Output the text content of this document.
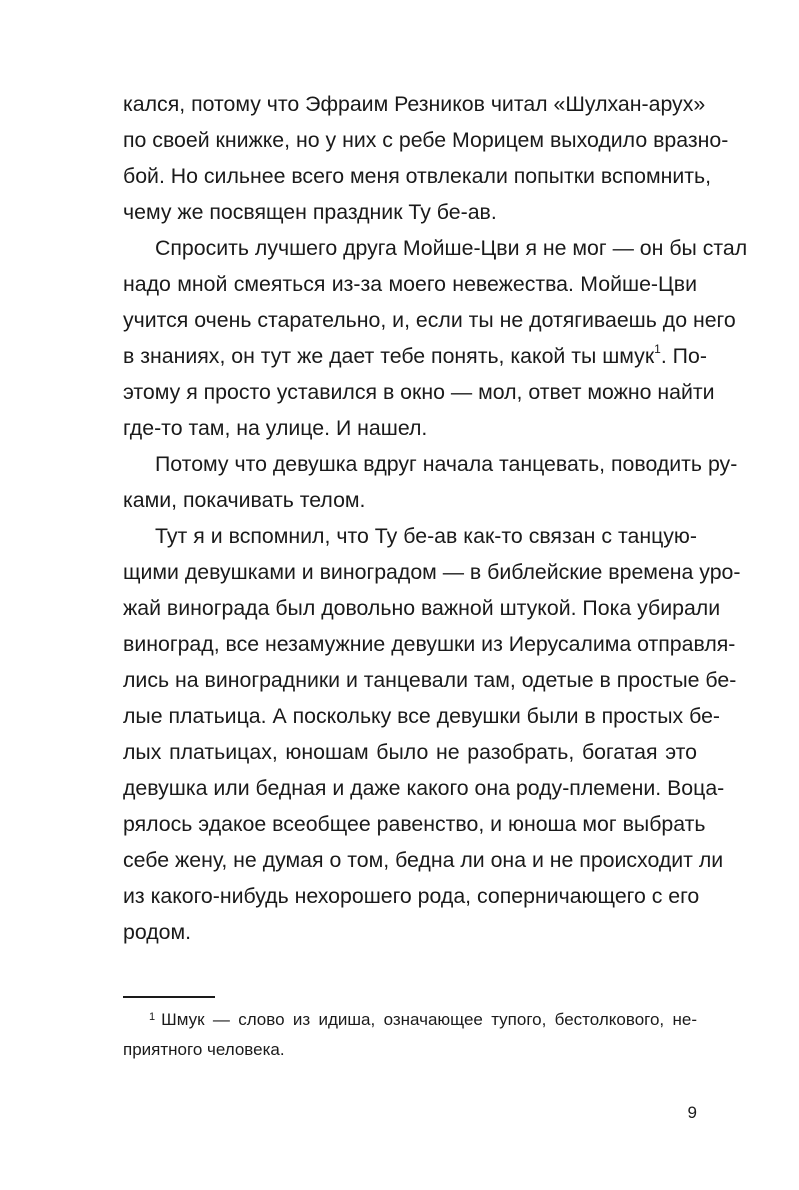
кался, потому что Эфраим Резников читал «Шулхан-арух»

по своей книжке, но у них с ребе Морицем выходило вразно-

бой. Но сильнее всего меня отвлекали попытки вспомнить,

чему же посвящен праздник Ту бе-ав.

Спросить лучшего друга Мойше-Цви я не мог — он бы стал

надо мной смеяться из-за моего невежества. Мойше-Цви

учится очень старательно, и, если ты не дотягиваешь до него

в знаниях, он тут же дает тебе понять, какой ты шмук$^1$. По-

этому я просто уставился в окно — мол, ответ можно найти

где-то там, на улице. И нашел.

Потому что девушка вдруг начала танцевать, поводить ру-

ками, покачивать телом.

Тут я и вспомнил, что Ту бе-ав как-то связан с танцую-

щими девушками и виноградом — в библейские времена уро-

жай винограда был довольно важной штукой. Пока убирали

виноград, все незамужние девушки из Иерусалима отправля-

лись на виноградники и танцевали там, одетые в простые бе-

лые платьица. А поскольку все девушки были в простых бе-

лых платьицах, юношам было не разобрать, богатая это

девушка или бедная и даже какого она роду-племени. Воца-

рялось эдакое всеобщее равенство, и юноша мог выбрать

себе жену, не думая о том, бедна ли она и не происходит ли

из какого-нибудь нехорошего рода, соперничающего с его

родом.

$^1$ Шмук — слово из идиша, означающее тупого, бестолкового, не-

приятного человека.

9
